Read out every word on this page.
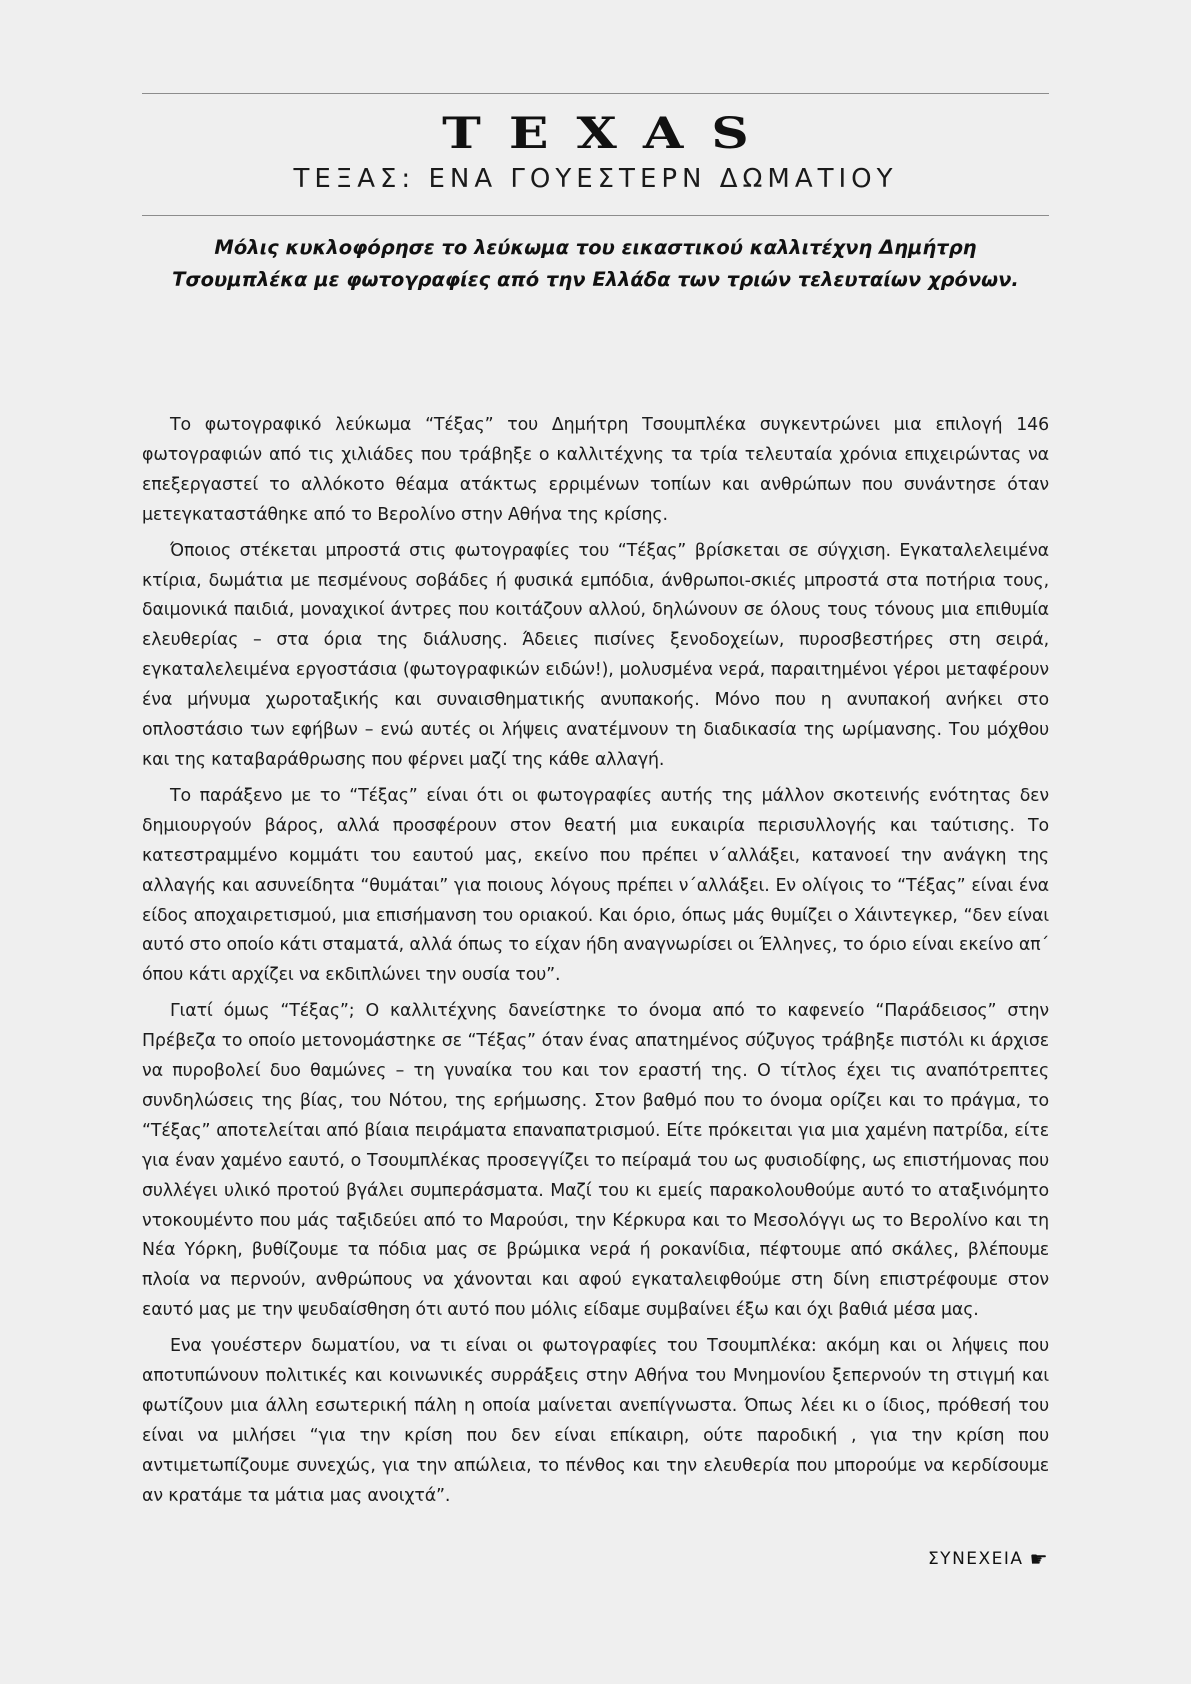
TEXAS
ΤΕΞΑΣ: ΕΝΑ ΓΟΥΕΣΤΕΡΝ ΔΩΜΑΤΙΟΥ
Μόλις κυκλοφόρησε το λεύκωμα του εικαστικού καλλιτέχνη Δημήτρη
Τσουμπλέκα με φωτογραφίες από την Ελλάδα των τριών τελευταίων χρόνων.

Το φωτογραφικό λεύκωμα “Τέξας” του Δημήτρη Τσουμπλέκα συγκεντρώνει μια επιλογή 146 φωτογραφιών από τις χιλιάδες που τράβηξε ο καλλιτέχνης τα τρία τελευταία χρόνια επιχειρώντας να επεξεργαστεί το αλλόκοτο θέαμα ατάκτως ερριμένων τοπίων και ανθρώπων που συνάντησε όταν μετεγκαταστάθηκε από το Βερολίνο στην Αθήνα της κρίσης.

Όποιος στέκεται μπροστά στις φωτογραφίες του “Τέξας” βρίσκεται σε σύγχιση. Εγκαταλελειμένα κτίρια, δωμάτια με πεσμένους σοβάδες ή φυσικά εμπόδια, άνθρωποι-σκιές μπροστά στα ποτήρια τους, δαιμονικά παιδιά, μοναχικοί άντρες που κοιτάζουν αλλού, δηλώνουν σε όλους τους τόνους μια επιθυμία ελευθερίας – στα όρια της διάλυσης. Άδειες πισίνες ξενοδοχείων, πυροσβεστήρες στη σειρά, εγκαταλελειμένα εργοστάσια (φωτογραφικών ειδών!), μολυσμένα νερά, παραιτημένοι γέροι μεταφέρουν ένα μήνυμα χωροταξικής και συναισθηματικής ανυπακοής. Μόνο που η ανυπακοή ανήκει στο οπλοστάσιο των εφήβων – ενώ αυτές οι λήψεις ανατέμνουν τη διαδικασία της ωρίμανσης. Του μόχθου και της καταβαράθρωσης που φέρνει μαζί της κάθε αλλαγή.

Το παράξενο με το “Τέξας” είναι ότι οι φωτογραφίες αυτής της μάλλον σκοτεινής ενότητας δεν δημιουργούν βάρος, αλλά προσφέρουν στον θεατή μια ευκαιρία περισυλλογής και ταύτισης. Το κατεστραμμένο κομμάτι του εαυτού μας, εκείνο που πρέπει ν΄αλλάξει, κατανοεί την ανάγκη της αλλαγής και ασυνείδητα “θυμάται” για ποιους λόγους πρέπει ν΄αλλάξει. Εν ολίγοις το “Τέξας” είναι ένα είδος αποχαιρετισμού, μια επισήμανση του οριακού. Και όριο, όπως μάς θυμίζει ο Χάιντεγκερ, “δεν είναι αυτό στο οποίο κάτι σταματά, αλλά όπως το είχαν ήδη αναγνωρίσει οι Έλληνες, το όριο είναι εκείνο απ΄ όπου κάτι αρχίζει να εκδιπλώνει την ουσία του”.

Γιατί όμως “Τέξας”; Ο καλλιτέχνης δανείστηκε το όνομα από το καφενείο “Παράδεισος” στην Πρέβεζα το οποίο μετονομάστηκε σε “Τέξας” όταν ένας απατημένος σύζυγος τράβηξε πιστόλι κι άρχισε να πυροβολεί δυο θαμώνες – τη γυναίκα του και τον εραστή της. Ο τίτλος έχει τις αναπότρεπτες συνδηλώσεις της βίας, του Νότου, της ερήμωσης. Στον βαθμό που το όνομα ορίζει και το πράγμα, το “Τέξας” αποτελείται από βίαια πειράματα επαναπατρισμού. Είτε πρόκειται για μια χαμένη πατρίδα, είτε για έναν χαμένο εαυτό, ο Τσουμπλέκας προσεγγίζει το πείραμά του ως φυσιοδίφης, ως επιστήμονας που συλλέγει υλικό προτού βγάλει συμπεράσματα. Μαζί του κι εμείς παρακολουθούμε αυτό το αταξινόμητο ντοκουμέντο που μάς ταξιδεύει από το Μαρούσι, την Κέρκυρα και το Μεσολόγγι ως το Βερολίνο και τη Νέα Υόρκη, βυθίζουμε τα πόδια μας σε βρώμικα νερά ή ροκανίδια, πέφτουμε από σκάλες, βλέπουμε πλοία να περνούν, ανθρώπους να χάνονται και αφού εγκαταλειφθούμε στη δίνη επιστρέφουμε στον εαυτό μας με την ψευδαίσθηση ότι αυτό που μόλις είδαμε συμβαίνει έξω και όχι βαθιά μέσα μας.

Ενα γουέστερν δωματίου, να τι είναι οι φωτογραφίες του Τσουμπλέκα: ακόμη και οι λήψεις που αποτυπώνουν πολιτικές και κοινωνικές συρράξεις στην Αθήνα του Μνημονίου ξεπερνούν τη στιγμή και φωτίζουν μια άλλη εσωτερική πάλη η οποία μαίνεται ανεπίγνωστα. Όπως λέει κι ο ίδιος, πρόθεσή του είναι να μιλήσει “για την κρίση που δεν είναι επίκαιρη, ούτε παροδική , για την κρίση που αντιμετωπίζουμε συνεχώς, για την απώλεια, το πένθος και την ελευθερία που μπορούμε να κερδίσουμε αν κρατάμε τα μάτια μας ανοιχτά”.

ΣΥΝΕΧΕΙΑ ☛
